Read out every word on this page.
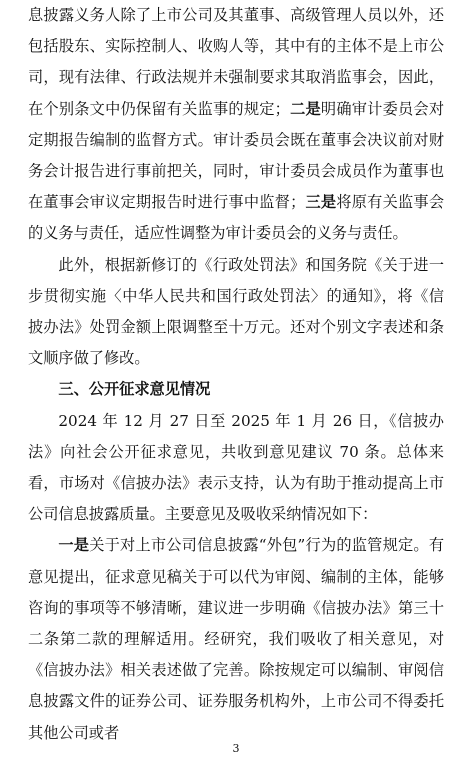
息披露义务人除了上市公司及其董事、高级管理人员以外，还包括股东、实际控制人、收购人等，其中有的主体不是上市公司，现有法律、行政法规并未强制要求其取消监事会，因此，在个别条文中仍保留有关监事的规定；二是明确审计委员会对定期报告编制的监督方式。审计委员会既在董事会决议前对财务会计报告进行事前把关，同时，审计委员会成员作为董事也在董事会审议定期报告时进行事中监督；三是将原有关监事会的义务与责任，适应性调整为审计委员会的义务与责任。

此外，根据新修订的《行政处罚法》和国务院《关于进一步贯彻实施〈中华人民共和国行政处罚法〉的通知》，将《信披办法》处罚金额上限调整至十万元。还对个别文字表述和条文顺序做了修改。

三、公开征求意见情况

2024 年 12 月 27 日至 2025 年 1 月 26 日，《信披办法》向社会公开征求意见，共收到意见建议 70 条。总体来看，市场对《信披办法》表示支持，认为有助于推动提高上市公司信息披露质量。主要意见及吸收采纳情况如下：

一是关于对上市公司信息披露“外包”行为的监管规定。有意见提出，征求意见稿关于可以代为审阅、编制的主体，能够咨询的事项等不够清晰，建议进一步明确《信披办法》第三十二条第二款的理解适用。经研究，我们吸收了相关意见，对《信披办法》相关表述做了完善。除按规定可以编制、审阅信息披露文件的证券公司、证券服务机构外，上市公司不得委托其他公司或者

3
